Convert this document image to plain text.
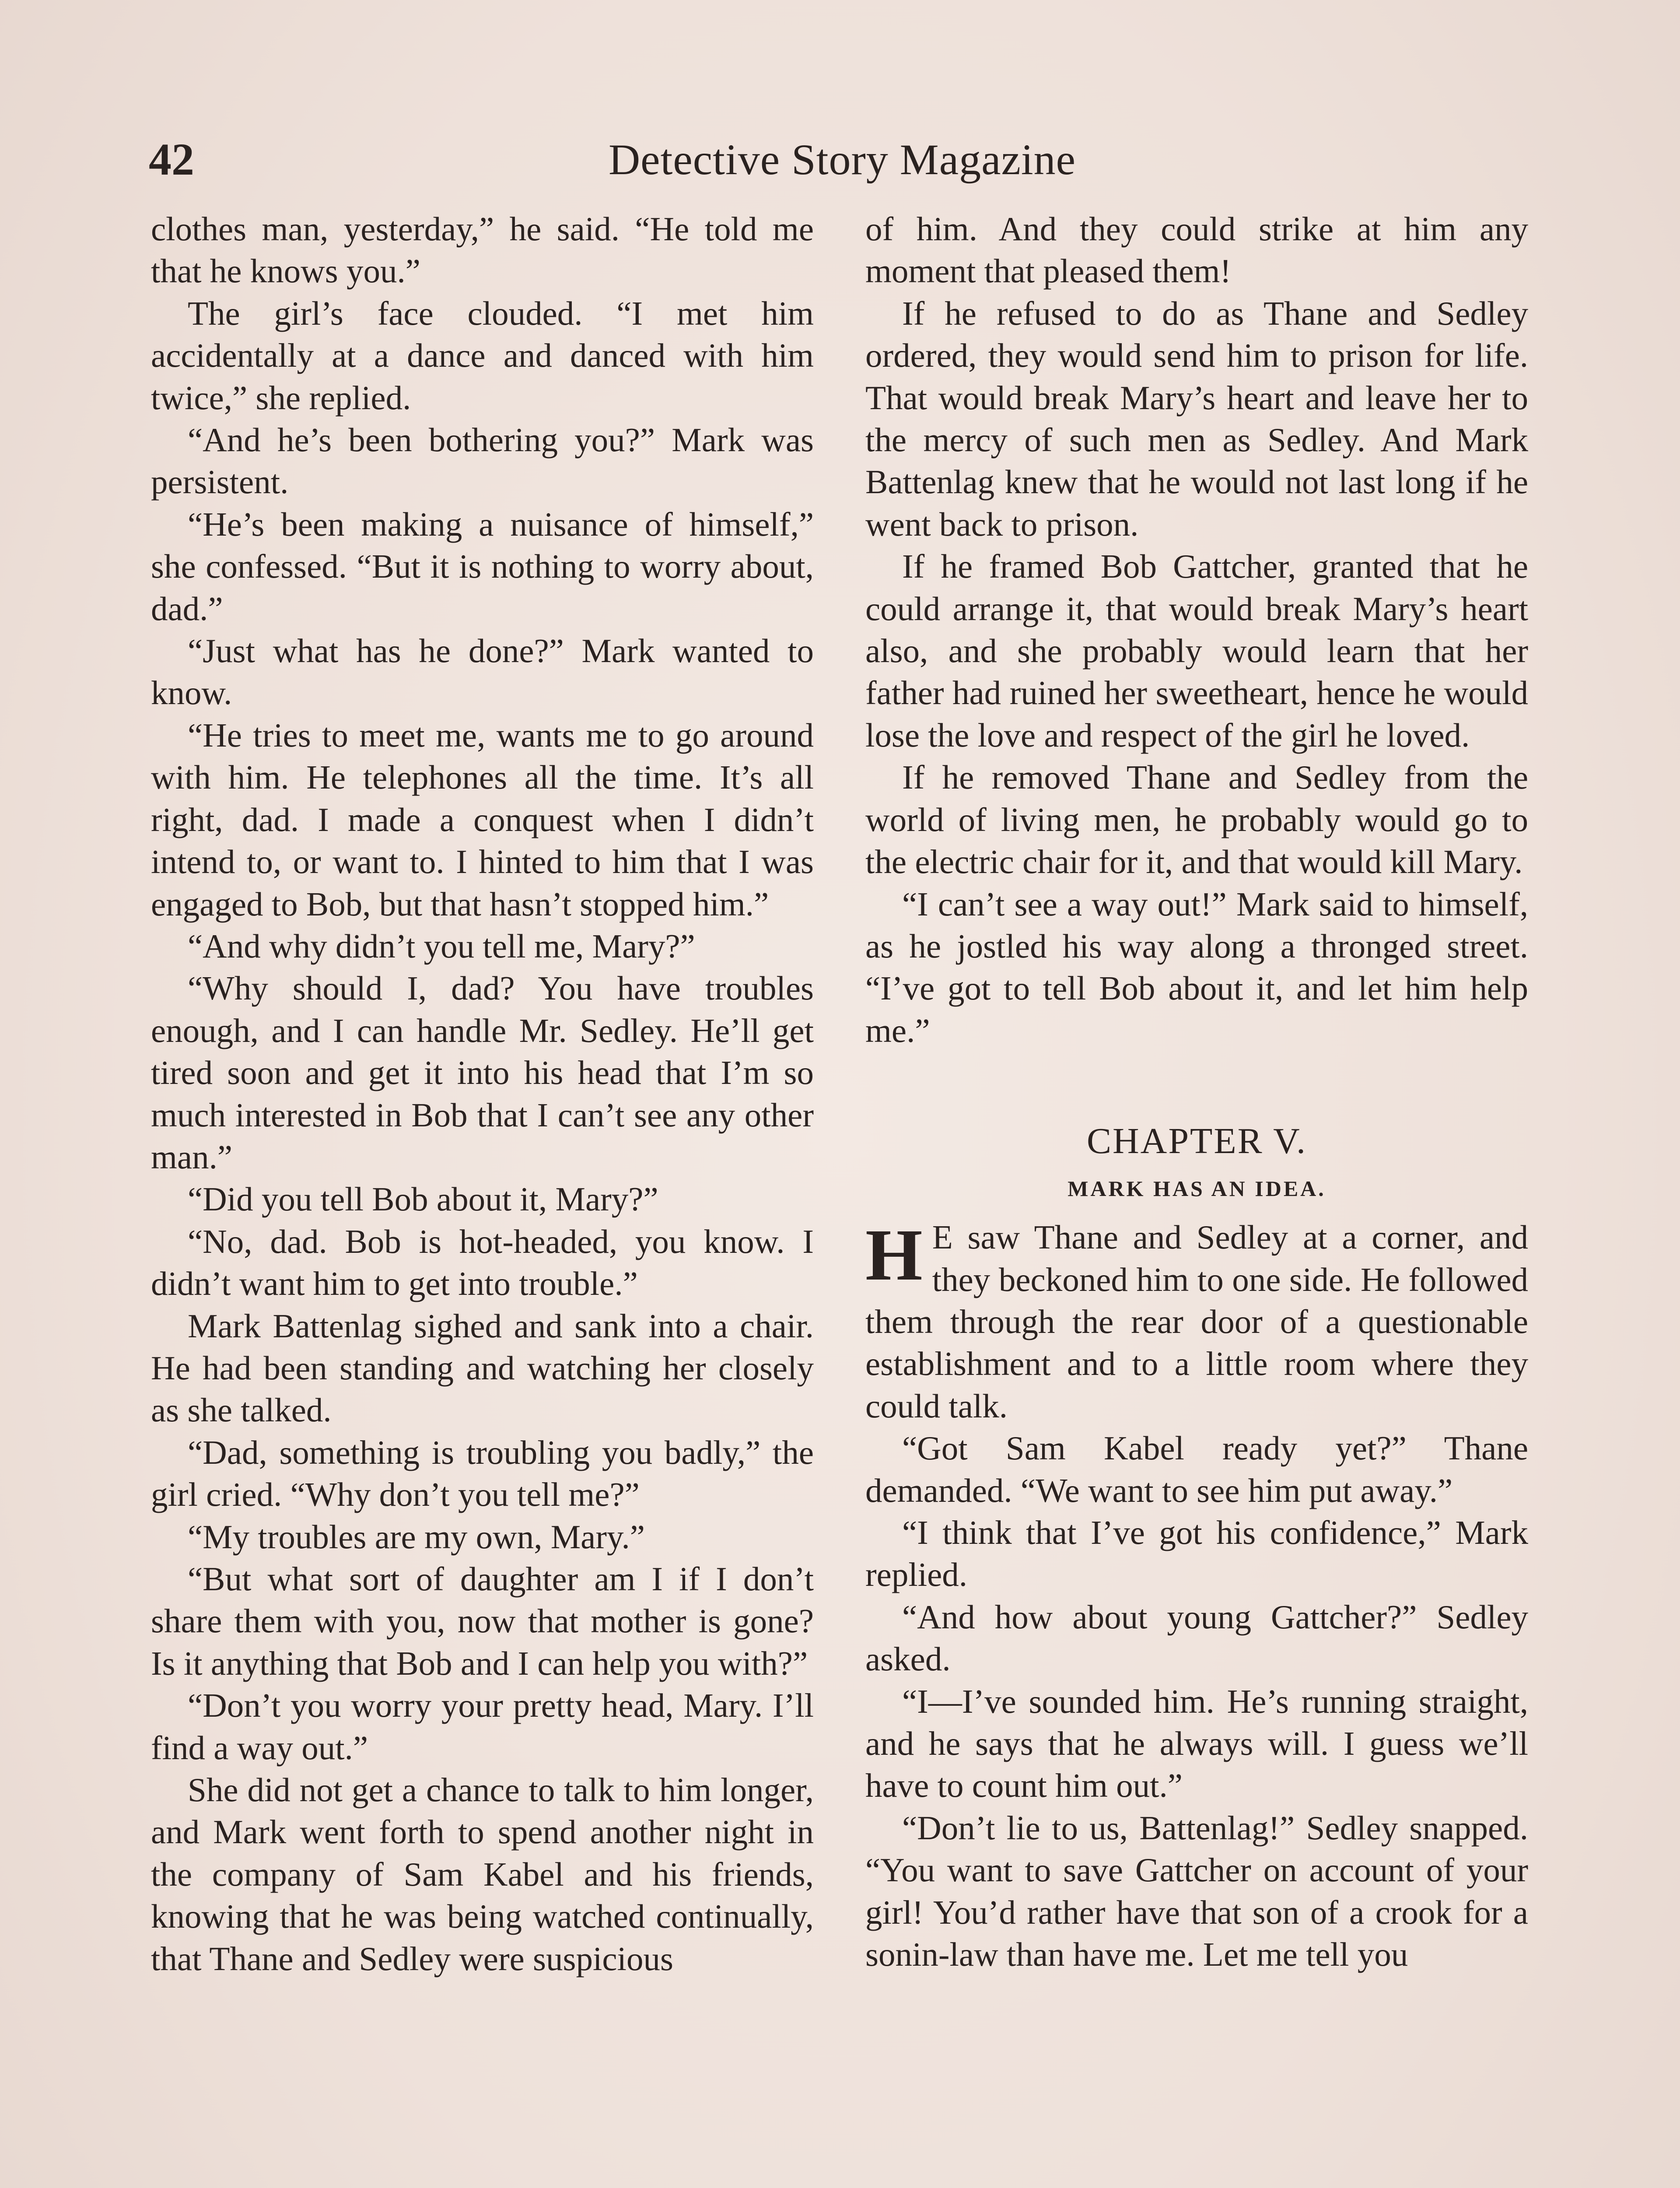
42	Detective Story Magazine

clothes man, yesterday,” he said. “He told me that he knows you.”

The girl’s face clouded. “I met him accidentally at a dance and danced with him twice,” she replied.

“And he’s been bothering you?” Mark was persistent.

“He’s been making a nuisance of himself,” she confessed. “But it is nothing to worry about, dad.”

“Just what has he done?” Mark wanted to know.

“He tries to meet me, wants me to go around with him. He telephones all the time. It’s all right, dad. I made a conquest when I didn’t intend to, or want to. I hinted to him that I was engaged to Bob, but that hasn’t stopped him.”

“And why didn’t you tell me, Mary?”

“Why should I, dad? You have troubles enough, and I can handle Mr. Sedley. He’ll get tired soon and get it into his head that I’m so much interested in Bob that I can’t see any other man.”

“Did you tell Bob about it, Mary?”

“No, dad. Bob is hot-headed, you know. I didn’t want him to get into trouble.”

Mark Battenlag sighed and sank into a chair. He had been standing and watching her closely as she talked.

“Dad, something is troubling you badly,” the girl cried. “Why don’t you tell me?”

“My troubles are my own, Mary.”

“But what sort of daughter am I if I don’t share them with you, now that mother is gone? Is it anything that Bob and I can help you with?”

“Don’t you worry your pretty head, Mary. I’ll find a way out.”

She did not get a chance to talk to him longer, and Mark went forth to spend another night in the company of Sam Kabel and his friends, knowing that he was being watched continually, that Thane and Sedley were suspicious

of him. And they could strike at him any moment that pleased them!

If he refused to do as Thane and Sedley ordered, they would send him to prison for life. That would break Mary’s heart and leave her to the mercy of such men as Sedley. And Mark Battenlag knew that he would not last long if he went back to prison.

If he framed Bob Gattcher, granted that he could arrange it, that would break Mary’s heart also, and she probably would learn that her father had ruined her sweetheart, hence he would lose the love and respect of the girl he loved.

If he removed Thane and Sedley from the world of living men, he probably would go to the electric chair for it, and that would kill Mary.

“I can’t see a way out!” Mark said to himself, as he jostled his way along a thronged street. “I’ve got to tell Bob about it, and let him help me.”

CHAPTER V.
MARK HAS AN IDEA.

H E saw Thane and Sedley at a corner, and they beckoned him to one side. He followed them through the rear door of a questionable establishment and to a little room where they could talk.

“Got Sam Kabel ready yet?” Thane demanded. “We want to see him put away.”

“I think that I’ve got his confidence,” Mark replied.

“And how about young Gattcher?” Sedley asked.

“I—I’ve sounded him. He’s running straight, and he says that he always will. I guess we’ll have to count him out.”

“Don’t lie to us, Battenlag!” Sedley snapped. “You want to save Gattcher on account of your girl! You’d rather have that son of a crook for a sonin-law than have me. Let me tell you
